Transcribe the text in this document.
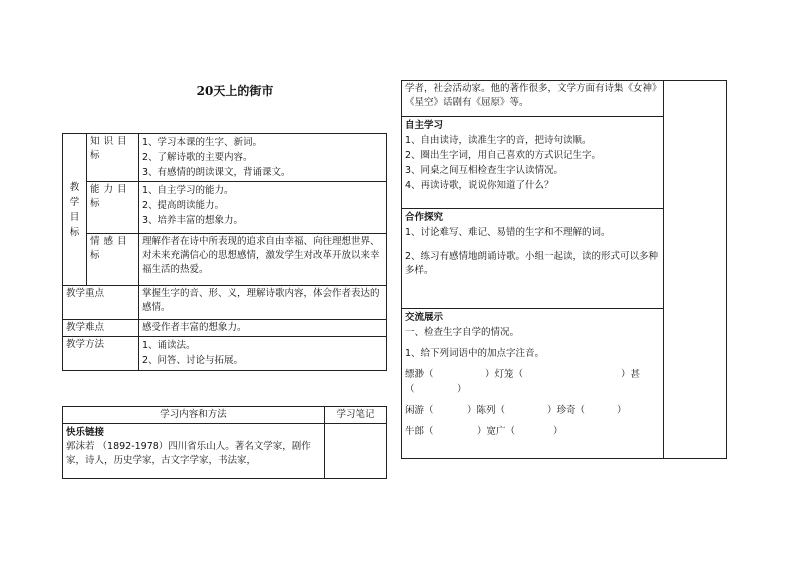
20天上的街市
教
学
目
标	知识目标	1、学习本课的生字、新词。
2、了解诗歌的主要内容。
3、有感情的朗读课文，背诵课文。

	能力目标	1、自主学习的能力。
2、提高朗读能力。
3、培养丰富的想象力。

	情感目标	理解作者在诗中所表现的追求自由幸福、向往理想世界、对未来充满信心的思想感情，激发学生对改革开放以来幸福生活的热爱。
教学重点		掌握生字的音、形、义，理解诗歌内容，体会作者表达的感情。
教学难点		感受作者丰富的想象力。
教学方法		1、诵读法。
2、问答、讨论与拓展。
学习内容和方法	学习笔记

快乐链接
郭沫若 （1892-1978）四川省乐山人。著名文学家，剧作家，诗人，历史学家，古文字学家，书法家，	
学者，社会活动家。他的著作很多，文学方面有诗集《女神》《星空》话剧有《屈原》等。	

自主学习
1、自由读诗，读准生字的音，把诗句读顺。
2、圈出生字词，用自己喜欢的方式识记生字。
3、同桌之间互相检查生字认读情况。
4、再读诗歌，说说你知道了什么？

合作探究
1、讨论难写、难记、易错的生字和不理解的词。
2、练习有感情地朗诵诗歌。小组一起读，读的形式可以多种多样。

交流展示
一、检查生字自学的情况。
1、给下列词语中的加点字注音。
缥渺（	）灯笼（	）甚
（	）
闲游（	）陈列（	）珍奇（	）
牛郎（	）宽广（	）
